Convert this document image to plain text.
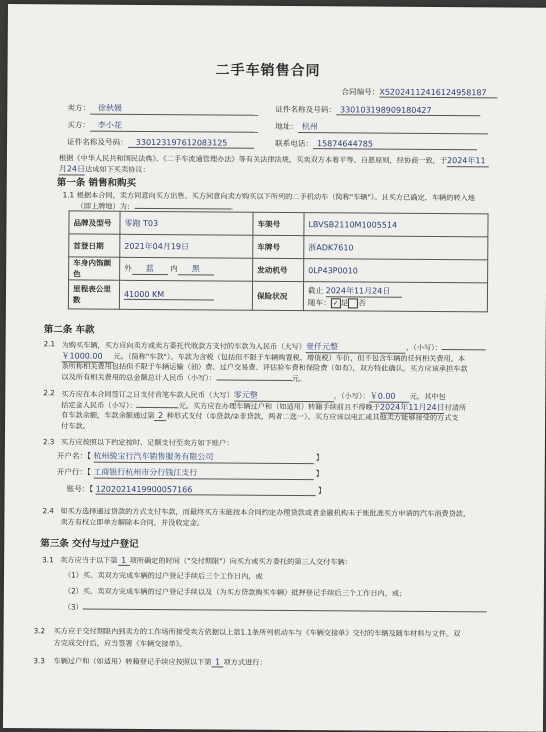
二手车销售合同
合同编号：XS2024112416124958187
卖方： 徐秋媛	证件名称及号码： 330103198909180427
买方： 李小花	地址： 杭州
证件名称及号码： 330123197612083125	联系电话： 15874644785
根据《中华人民共和国民法典》、《二手车流通管理办法》等有关法律法规，买卖双方本着平等、自愿原则，经协商一致，于2024年11
月24日达成如下买卖协议：
第一条 销售和购买
1.1 根据本合同，卖方同意向买方出售、买方同意向卖方购买以下所列的二手机动车（简称"车辆"）。且买方已确定，车辆的转入地
（即上牌地）为：	。
品牌及型号	零跑 T03	车架号	LBVSB2110M1005514
首登日期	2021年04月19日	车牌号	浙ADK7610
车身内饰颜色	外 蓝 内 黑	发动机号	0LP43P0010
里程表公里数	41000 KM	保险状况	截止 2024年11月24日
随车： ✓ 是 否
第二条 车款
2.1 为购买车辆，买方应向卖方或卖方委托代收款方支付的车款为人民币（大写）壹仟元整	，（小写）：
￥1000.00 元。（简称"车款"）。车款为含税（包括但不限于车辆购置税、增值税）车价，但不包含车辆的任何相关费用。本
条所称相关费用包括但不限于车辆运输（油）费、过户交易费、评估验车费和保险费（如有），双方特此确认。买方应该承担车款
以及所有相关费用的总金额总计人民币（小写）：	元。
2.2 买方应在本合同签订之日支付首笔车款人民币（大写）零元整	，（小写）：￥0.00 元。其中包
括定金人民币（小写）：	元。买方应在办理车辆过户和（如适用）转籍手续前且不得晚于2024年11月24日付清所
有车款余额，车款余额通过第 2 种形式支付（①贷款/②非贷款，两者二选一）。买方应该以电汇或其他卖方能够接受的方式支
付车款。
2.3 买方应按照以下约定按时、足额支付至卖方如下账户：
开户名：【 杭州骏宝行汽车销售服务有限公司	】
开户行：【 工商银行杭州市分行钱江支行	】
账号：【 1202021419900057166	】
2.4 如买方选择通过贷款的方式支付车款，而最终买方未能按本合同约定办理贷款或者金融机构未于账批准买方申请的汽车消费贷款，
卖方有权立即单方解除本合同，并没收定金。
第三条 交付与过户登记
3.1 卖方应当于以下第 1 项所确定的时间（"交付期限"）向买方或买方委托的第三人交付车辆：
（1）买、卖双方完成车辆的过户登记手续后三个工作日内，或
（2）买、卖双方完成车辆的过户登记手续以及（为买方贷款购买车辆）抵押登记手续后三个工作日内，或；
（3）
3.2 买方应于交付期限内到卖方的工作场所接受卖方依据以上第1.1条所列机动车与《车辆交接单》交付的车辆及随车材料与文件。双
方完成交付后，应当签署《车辆交接单》。
3.3 车辆过户和（如适用）转籍登记手续应按照以下第 1 项方式进行：
